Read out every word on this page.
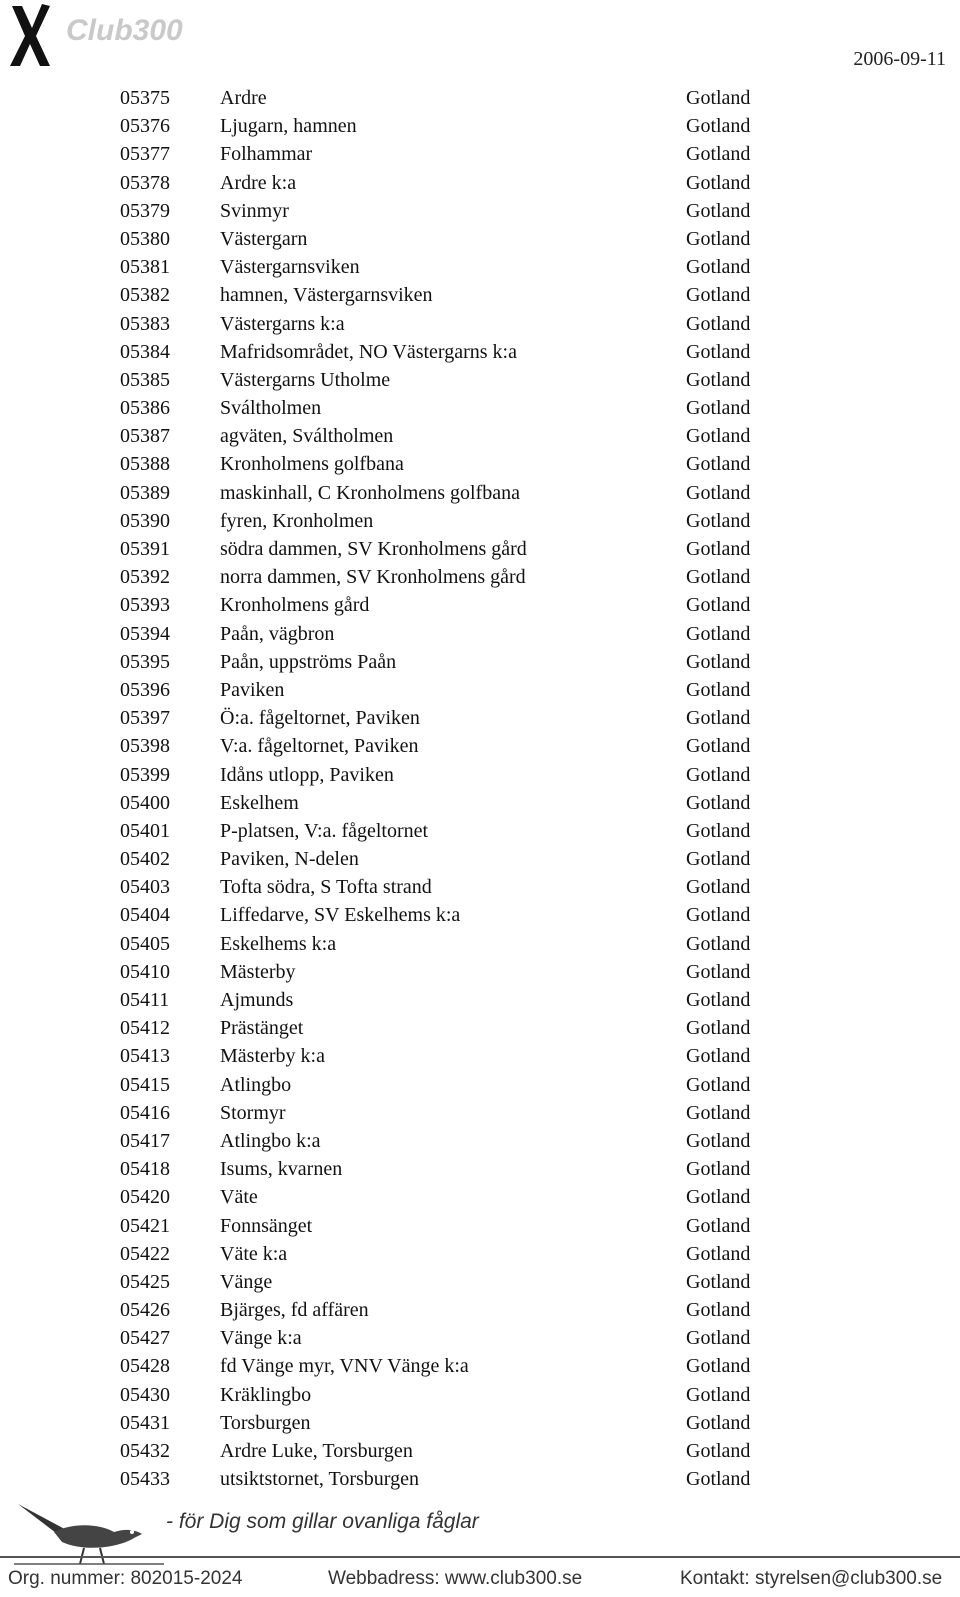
Club300
2006-09-11
05375	Ardre	Gotland
05376	Ljugarn, hamnen	Gotland
05377	Folhammar	Gotland
05378	Ardre k:a	Gotland
05379	Svinmyr	Gotland
05380	Västergarn	Gotland
05381	Västergarnsviken	Gotland
05382	hamnen, Västergarnsviken	Gotland
05383	Västergarns k:a	Gotland
05384	Mafridsområdet, NO Västergarns k:a	Gotland
05385	Västergarns Utholme	Gotland
05386	Sváltholmen	Gotland
05387	agväten, Sváltholmen	Gotland
05388	Kronholmens golfbana	Gotland
05389	maskinhall, C Kronholmens golfbana	Gotland
05390	fyren, Kronholmen	Gotland
05391	södra dammen, SV Kronholmens gård	Gotland
05392	norra dammen, SV Kronholmens gård	Gotland
05393	Kronholmens gård	Gotland
05394	Paån, vägbron	Gotland
05395	Paån, uppströms Paån	Gotland
05396	Paviken	Gotland
05397	Ö:a. fågeltornet, Paviken	Gotland
05398	V:a. fågeltornet, Paviken	Gotland
05399	Idåns utlopp, Paviken	Gotland
05400	Eskelhem	Gotland
05401	P-platsen, V:a. fågeltornet	Gotland
05402	Paviken, N-delen	Gotland
05403	Tofta södra, S Tofta strand	Gotland
05404	Liffedarve, SV Eskelhems k:a	Gotland
05405	Eskelhems k:a	Gotland
05410	Mästerby	Gotland
05411	Ajmunds	Gotland
05412	Prästänget	Gotland
05413	Mästerby k:a	Gotland
05415	Atlingbo	Gotland
05416	Stormyr	Gotland
05417	Atlingbo k:a	Gotland
05418	Isums, kvarnen	Gotland
05420	Väte	Gotland
05421	Fonnsänget	Gotland
05422	Väte k:a	Gotland
05425	Vänge	Gotland
05426	Bjärges, fd affären	Gotland
05427	Vänge k:a	Gotland
05428	fd Vänge myr, VNV Vänge k:a	Gotland
05430	Kräklingbo	Gotland
05431	Torsburgen	Gotland
05432	Ardre Luke, Torsburgen	Gotland
05433	utsiktstornet, Torsburgen	Gotland
- för Dig som gillar ovanliga fåglar
Org. nummer: 802015-2024	Webbadress: www.club300.se	Kontakt: styrelsen@club300.se
